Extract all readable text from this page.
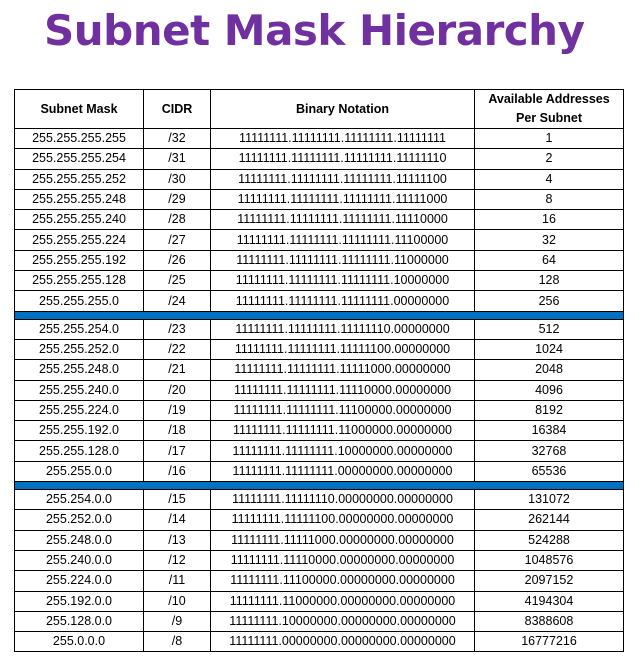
Subnet Mask Hierarchy
Subnet Mask	CIDR	Binary Notation	Available Addresses
Per Subnet
255.255.255.255	/32	11111111.11111111.11111111.11111111	1
255.255.255.254	/31	11111111.11111111.11111111.11111110	2
255.255.255.252	/30	11111111.11111111.11111111.11111100	4
255.255.255.248	/29	11111111.11111111.11111111.11111000	8
255.255.255.240	/28	11111111.11111111.11111111.11110000	16
255.255.255.224	/27	11111111.11111111.11111111.11100000	32
255.255.255.192	/26	11111111.11111111.11111111.11000000	64
255.255.255.128	/25	11111111.11111111.11111111.10000000	128
255.255.255.0	/24	11111111.11111111.11111111.00000000	256

255.255.254.0	/23	11111111.11111111.11111110.00000000	512
255.255.252.0	/22	11111111.11111111.11111100.00000000	1024
255.255.248.0	/21	11111111.11111111.11111000.00000000	2048
255.255.240.0	/20	11111111.11111111.11110000.00000000	4096
255.255.224.0	/19	11111111.11111111.11100000.00000000	8192
255.255.192.0	/18	11111111.11111111.11000000.00000000	16384
255.255.128.0	/17	11111111.11111111.10000000.00000000	32768
255.255.0.0	/16	11111111.11111111.00000000.00000000	65536

255.254.0.0	/15	11111111.11111110.00000000.00000000	131072
255.252.0.0	/14	11111111.11111100.00000000.00000000	262144
255.248.0.0	/13	11111111.11111000.00000000.00000000	524288
255.240.0.0	/12	11111111.11110000.00000000.00000000	1048576
255.224.0.0	/11	11111111.11100000.00000000.00000000	2097152
255.192.0.0	/10	11111111.11000000.00000000.00000000	4194304
255.128.0.0	/9	11111111.10000000.00000000.00000000	8388608
255.0.0.0	/8	11111111.00000000.00000000.00000000	16777216
